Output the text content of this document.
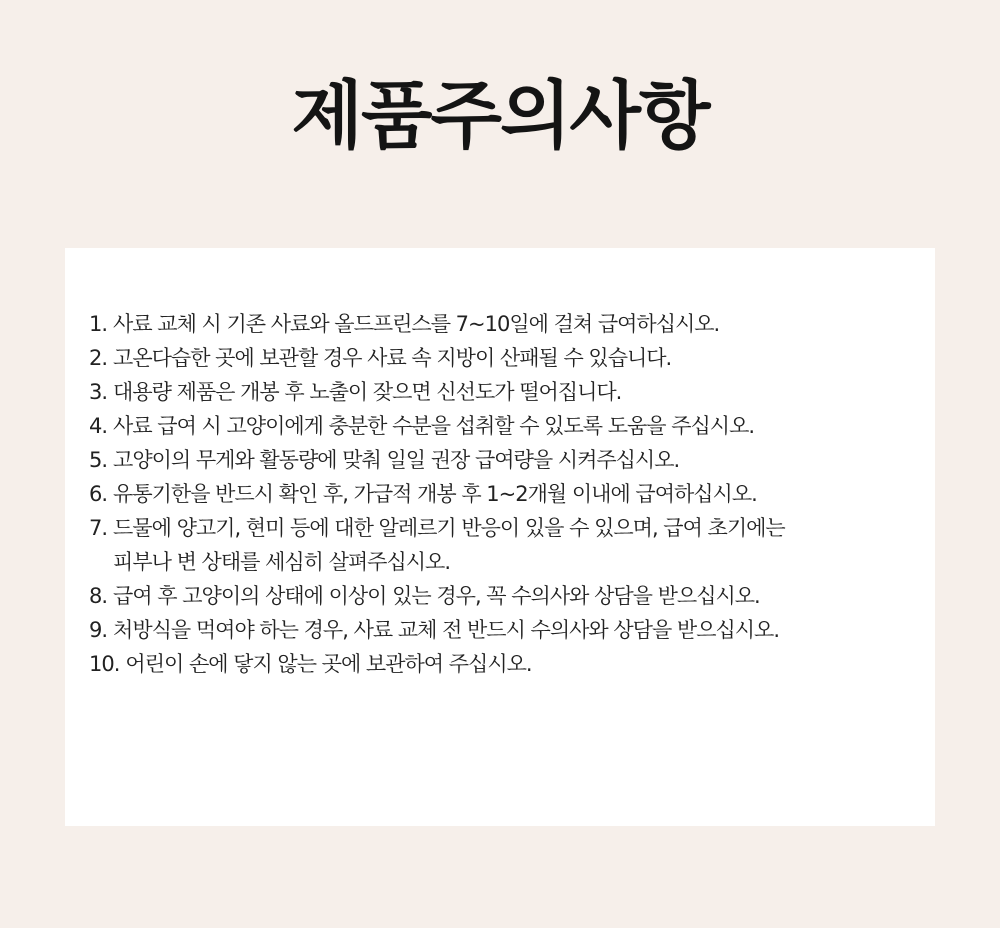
제품주의사항
1. 사료 교체 시 기존 사료와 올드프린스를 7~10일에 걸쳐 급여하십시오.
2. 고온다습한 곳에 보관할 경우 사료 속 지방이 산패될 수 있습니다.
3. 대용량 제품은 개봉 후 노출이 잦으면 신선도가 떨어집니다.
4. 사료 급여 시 고양이에게 충분한 수분을 섭취할 수 있도록 도움을 주십시오.
5. 고양이의 무게와 활동량에 맞춰 일일 권장 급여량을 시켜주십시오.
6. 유통기한을 반드시 확인 후, 가급적 개봉 후 1~2개월 이내에 급여하십시오.
7. 드물에 양고기, 현미 등에 대한 알레르기 반응이 있을 수 있으며, 급여 초기에는
피부나 변 상태를 세심히 살펴주십시오.
8. 급여 후 고양이의 상태에 이상이 있는 경우, 꼭 수의사와 상담을 받으십시오.
9. 처방식을 먹여야 하는 경우, 사료 교체 전 반드시 수의사와 상담을 받으십시오.
10. 어린이 손에 닿지 않는 곳에 보관하여 주십시오.
